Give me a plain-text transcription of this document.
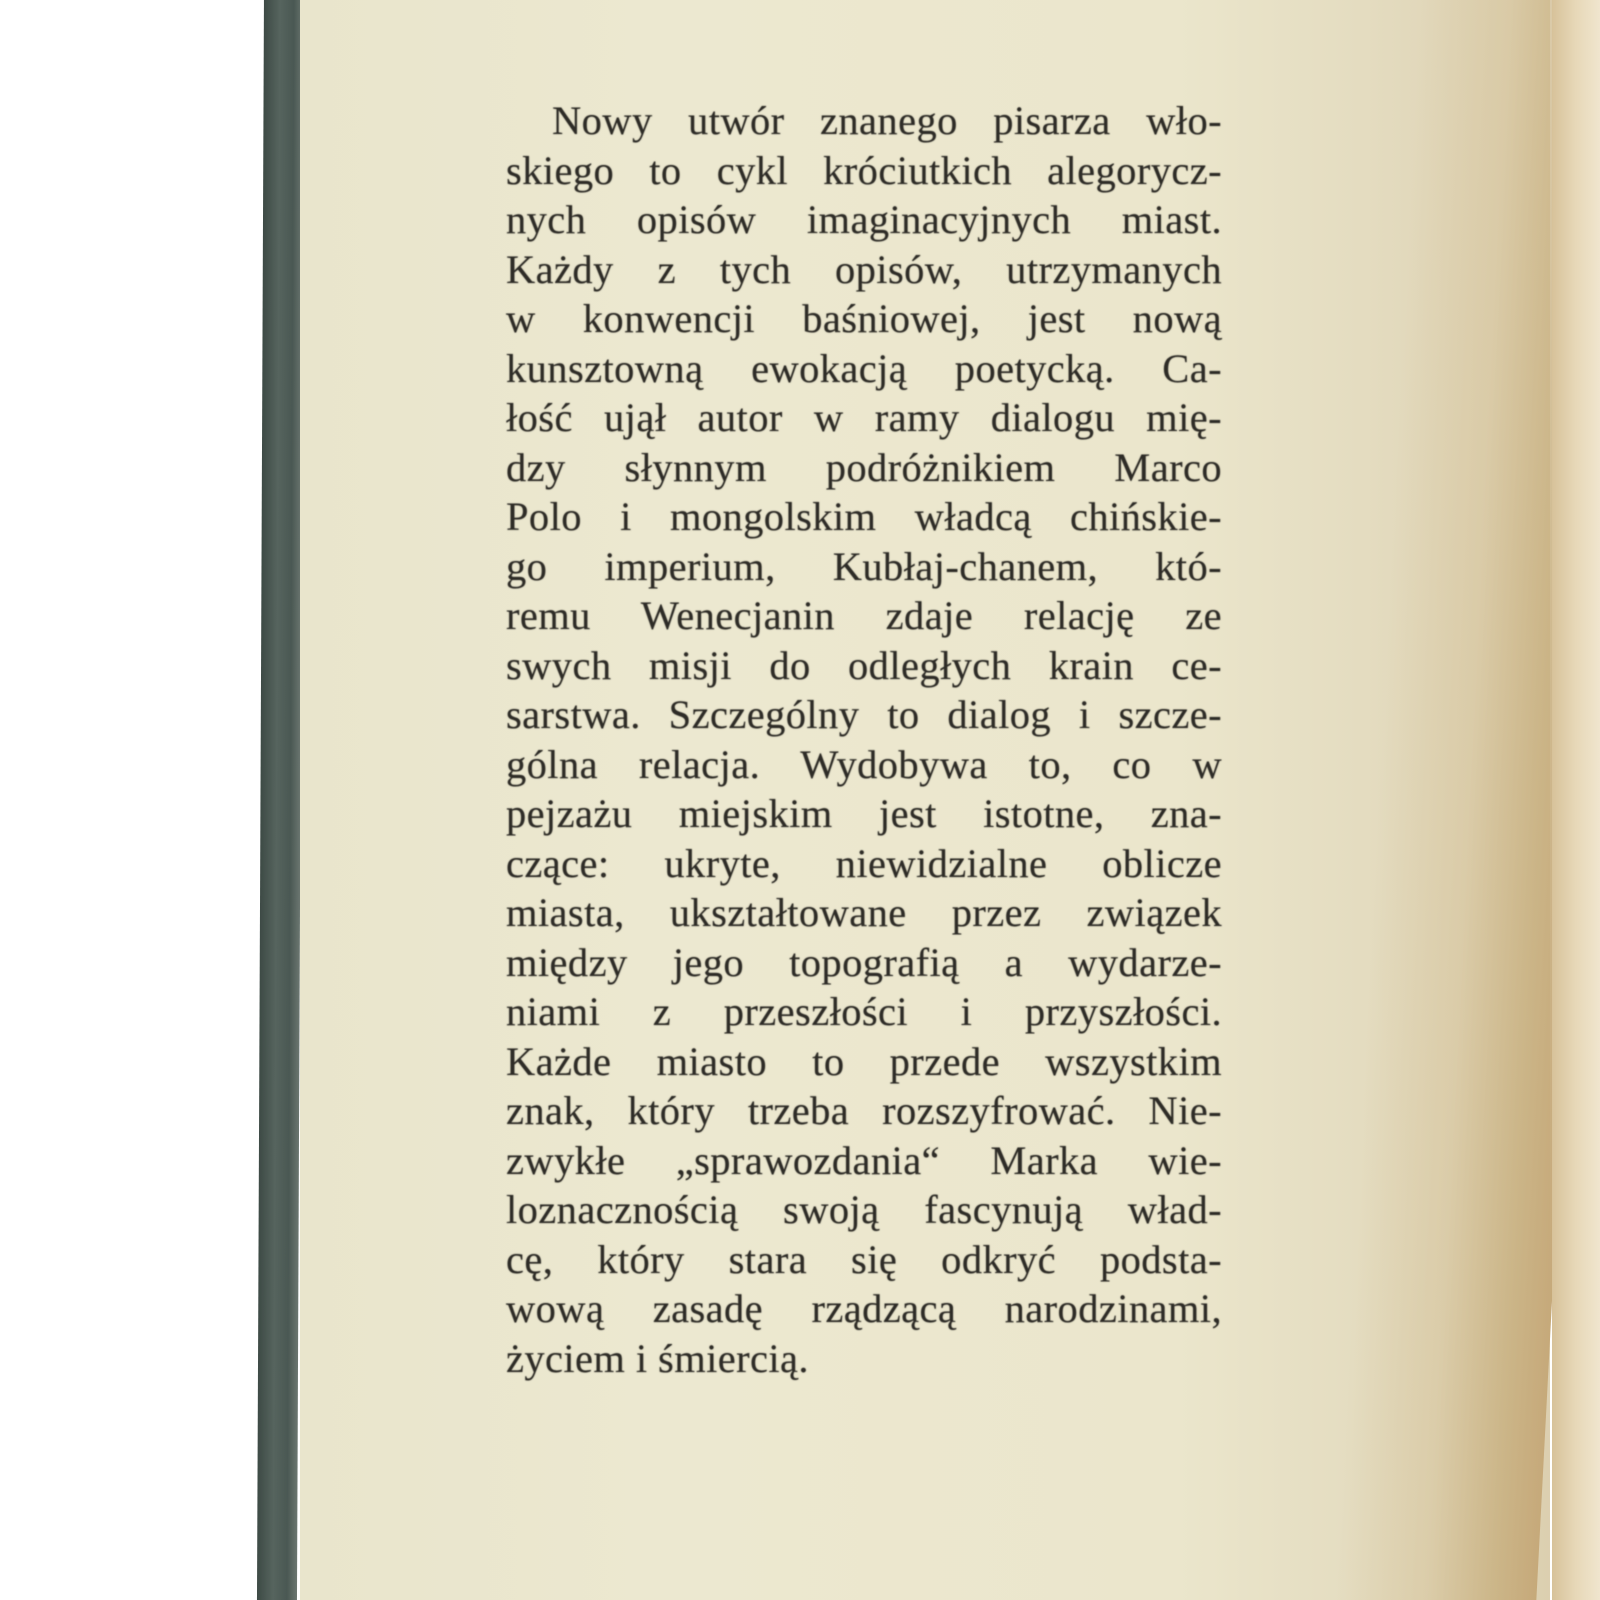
Nowy utwór znanego pisarza wło-
skiego to cykl króciutkich alegorycz-
nych opisów imaginacyjnych miast.
Każdy z tych opisów, utrzymanych
w konwencji baśniowej, jest nową
kunsztowną ewokacją poetycką. Ca-
łość ujął autor w ramy dialogu mię-
dzy słynnym podróżnikiem Marco
Polo i mongolskim władcą chińskie-
go imperium, Kubłaj-chanem, któ-
remu Wenecjanin zdaje relację ze
swych misji do odległych krain ce-
sarstwa. Szczególny to dialog i szcze-
gólna relacja. Wydobywa to, co w
pejzażu miejskim jest istotne, zna-
czące: ukryte, niewidzialne oblicze
miasta, ukształtowane przez związek
między jego topografią a wydarze-
niami z przeszłości i przyszłości.
Każde miasto to przede wszystkim
znak, który trzeba rozszyfrować. Nie-
zwykłe „sprawozdania“ Marka wie-
loznacznością swoją fascynują wład-
cę, który stara się odkryć podsta-
wową zasadę rządzącą narodzinami,
życiem i śmiercią.
